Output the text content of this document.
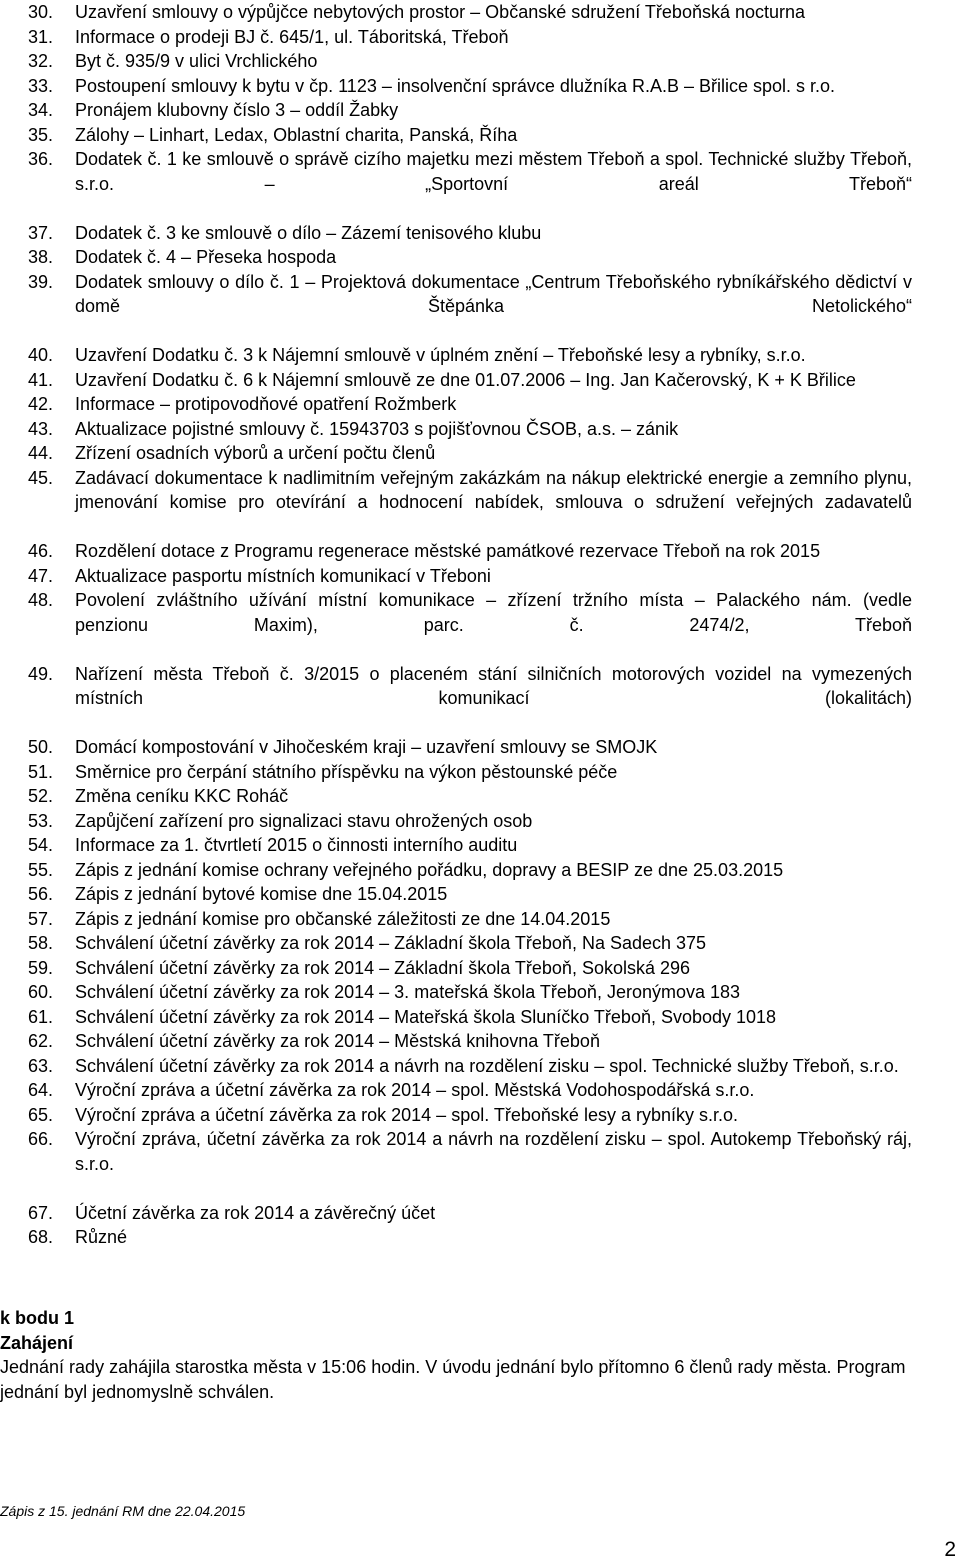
30.	Uzavření smlouvy o výpůjčce nebytových prostor – Občanské sdružení Třeboňská nocturna
31.	Informace o prodeji BJ č. 645/1, ul. Táboritská, Třeboň
32.	Byt č. 935/9 v ulici Vrchlického
33.	Postoupení smlouvy k bytu v čp. 1123 – insolvenční správce dlužníka R.A.B – Břilice spol. s r.o.
34.	Pronájem klubovny číslo 3 – oddíl Žabky
35.	Zálohy – Linhart, Ledax, Oblastní charita, Panská, Říha
36.	Dodatek č. 1 ke smlouvě o správě cizího majetku mezi městem Třeboň a spol. Technické služby Třeboň, s.r.o. – „Sportovní areál Třeboň“
37.	Dodatek č. 3 ke smlouvě o dílo – Zázemí tenisového klubu
38.	Dodatek č. 4 – Přeseka hospoda
39.	Dodatek smlouvy o dílo č. 1 – Projektová dokumentace „Centrum Třeboňského rybníkářského dědictví v domě Štěpánka Netolického“
40.	Uzavření Dodatku č. 3 k Nájemní smlouvě v úplném znění – Třeboňské lesy a rybníky, s.r.o.
41.	Uzavření Dodatku č. 6 k Nájemní smlouvě ze dne 01.07.2006 – Ing. Jan Kačerovský, K + K Břilice
42.	Informace – protipovodňové opatření Rožmberk
43.	Aktualizace pojistné smlouvy č. 15943703 s pojišťovnou ČSOB, a.s. – zánik
44.	Zřízení osadních výborů a určení počtu členů
45.	Zadávací dokumentace k nadlimitním veřejným zakázkám na nákup elektrické energie a zemního plynu, jmenování komise pro otevírání a hodnocení nabídek, smlouva o sdružení veřejných zadavatelů
46.	Rozdělení dotace z Programu regenerace městské památkové rezervace Třeboň na rok 2015
47.	Aktualizace pasportu místních komunikací v Třeboni
48.	Povolení zvláštního užívání místní komunikace – zřízení tržního místa – Palackého nám. (vedle penzionu Maxim), parc. č. 2474/2, Třeboň
49.	Nařízení města Třeboň č. 3/2015 o placeném stání silničních motorových vozidel na vymezených místních komunikací (lokalitách)
50.	Domácí kompostování v Jihočeském kraji – uzavření smlouvy se SMOJK
51.	Směrnice pro čerpání státního příspěvku na výkon pěstounské péče
52.	Změna ceníku KKC Roháč
53.	Zapůjčení zařízení pro signalizaci stavu ohrožených osob
54.	Informace za 1. čtvrtletí 2015 o činnosti interního auditu
55.	Zápis z jednání komise ochrany veřejného pořádku, dopravy a BESIP ze dne 25.03.2015
56.	Zápis z jednání bytové komise dne 15.04.2015
57.	Zápis z jednání komise pro občanské záležitosti ze dne 14.04.2015
58.	Schválení účetní závěrky za rok 2014 – Základní škola Třeboň, Na Sadech 375
59.	Schválení účetní závěrky za rok 2014 – Základní škola Třeboň, Sokolská 296
60.	Schválení účetní závěrky za rok 2014 – 3. mateřská škola Třeboň, Jeronýmova 183
61.	Schválení účetní závěrky za rok 2014 – Mateřská škola Sluníčko Třeboň, Svobody 1018
62.	Schválení účetní závěrky za rok 2014 – Městská knihovna Třeboň
63.	Schválení účetní závěrky za rok 2014 a návrh na rozdělení zisku – spol. Technické služby Třeboň, s.r.o.
64.	Výroční zpráva a účetní závěrka za rok 2014 – spol. Městská Vodohospodářská s.r.o.
65.	Výroční zpráva a účetní závěrka za rok 2014 – spol. Třeboňské lesy a rybníky s.r.o.
66.	Výroční zpráva, účetní závěrka za rok 2014 a návrh na rozdělení zisku – spol. Autokemp Třeboňský ráj, s.r.o.
67.	Účetní závěrka za rok 2014 a závěrečný účet
68.	Různé
k bodu 1
Zahájení
Jednání rady zahájila starostka města v 15:06 hodin. V úvodu jednání bylo přítomno 6 členů rady města. Program jednání byl jednomyslně schválen.
Zápis z 15. jednání RM dne 22.04.2015
2
